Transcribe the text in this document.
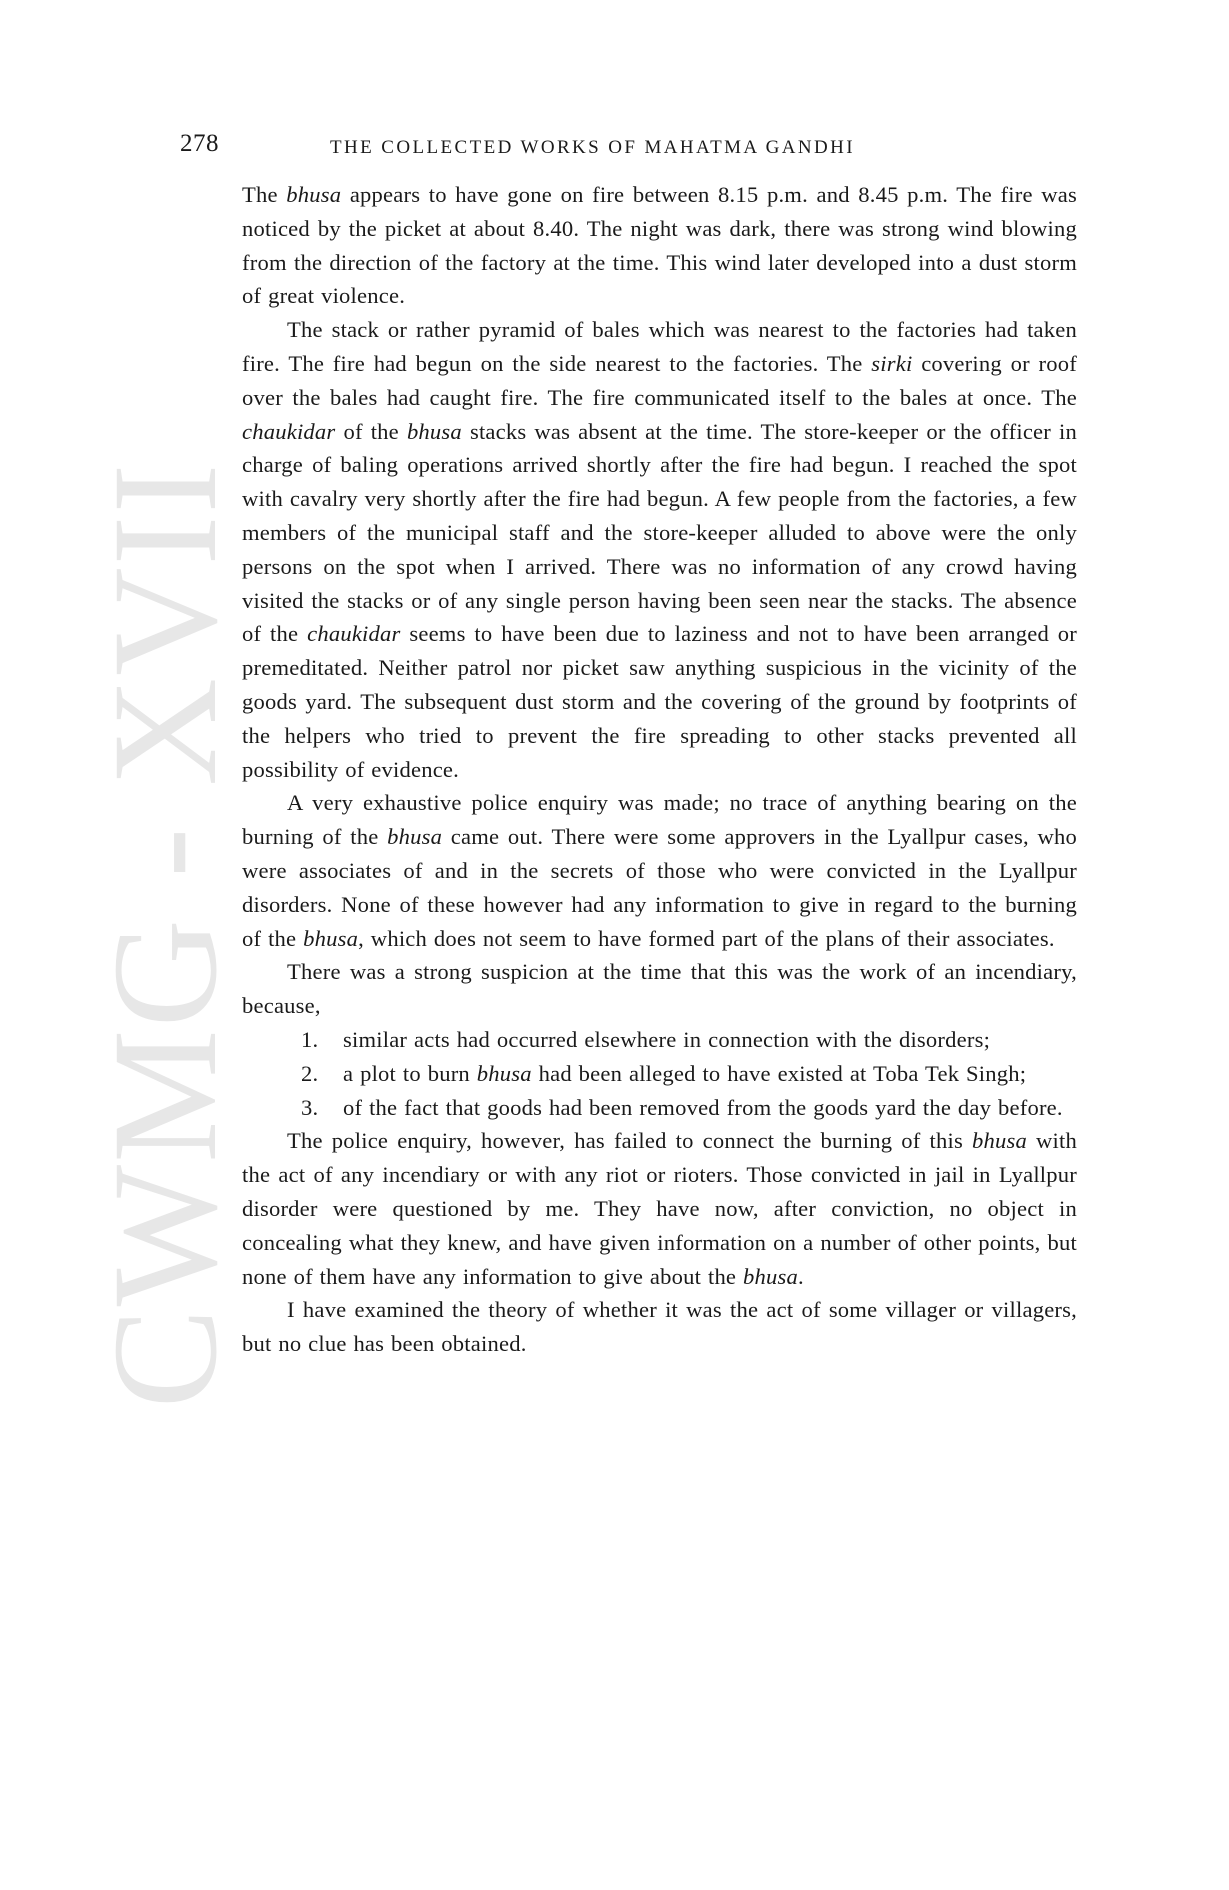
CWMG - XVII
278	THE COLLECTED WORKS OF MAHATMA GANDHI

The bhusa appears to have gone on fire between 8.15 p.m. and 8.45 p.m. The fire was noticed by the picket at about 8.40. The night was dark, there was strong wind blowing from the direction of the factory at the time. This wind later developed into a dust storm of great violence.

The stack or rather pyramid of bales which was nearest to the factories had taken fire. The fire had begun on the side nearest to the factories. The sirki covering or roof over the bales had caught fire. The fire communicated itself to the bales at once. The chaukidar of the bhusa stacks was absent at the time. The store-keeper or the officer in charge of baling operations arrived shortly after the fire had begun. I reached the spot with cavalry very shortly after the fire had begun. A few people from the factories, a few members of the municipal staff and the store-keeper alluded to above were the only persons on the spot when I arrived. There was no information of any crowd having visited the stacks or of any single person having been seen near the stacks. The absence of the chaukidar seems to have been due to laziness and not to have been arranged or premeditated. Neither patrol nor picket saw anything suspicious in the vicinity of the goods yard. The subsequent dust storm and the covering of the ground by footprints of the helpers who tried to prevent the fire spreading to other stacks prevented all possibility of evidence.

A very exhaustive police enquiry was made; no trace of anything bearing on the burning of the bhusa came out. There were some approvers in the Lyallpur cases, who were associates of and in the secrets of those who were convicted in the Lyallpur disorders. None of these however had any information to give in regard to the burning of the bhusa, which does not seem to have formed part of the plans of their associates.

There was a strong suspicion at the time that this was the work of an incendiary, because,

1. similar acts had occurred elsewhere in connection with the disorders;
2. a plot to burn bhusa had been alleged to have existed at Toba Tek Singh;
3. of the fact that goods had been removed from the goods yard the day before.

The police enquiry, however, has failed to connect the burning of this bhusa with the act of any incendiary or with any riot or rioters. Those convicted in jail in Lyallpur disorder were questioned by me. They have now, after conviction, no object in concealing what they knew, and have given information on a number of other points, but none of them have any information to give about the bhusa.

I have examined the theory of whether it was the act of some villager or villagers, but no clue has been obtained.
